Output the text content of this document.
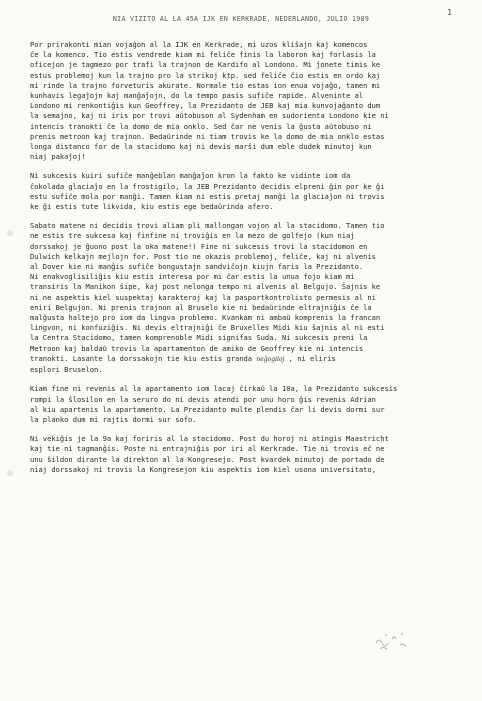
1
NIA VIZITO AL LA 45A IJK EN KERKRADE, NEDERLANDO, JULIO 1989
Por prirakonti mian vojaĝon al la IJK en Kerkrade, mi uzos kliŝajn kaj komencos
ĉe la komenco. Tio estis vendrede kiam mi feliĉe finis la laboron kaj forlasis la
oficejon je tagmezo por trafi la trajnon de Kardifo al Londono. Mi ĵonete timis ke
estus problemoj kun la trajno pro la strikoj ktp. sed feliĉe ĉio estis en ordo kaj
mi rinde la trajno forveturis akurate. Normale tio estas ion enua vojaĝo, tamen mi
kunhavis legaĵojn kaj manĝaĵojn, do la tempo pasis sufiĉe rapide. Alveninte al
Londono mi renkontiĝis kun Geoffrey, la Prezidanto de JEB kaj mia kunvojaĝanto dum
la semajno, kaj ni iris por trovi aŭtobuson al Sydenham en sudorienta Londono kie ni
intencis tranokti ĉe la domo de mia onklo. Sed ĉar ne venis la ĝusta aŭtobuso ni
prenis metroon kaj trajnon. Bedaŭrinde ni tiam trovis ke la domo de mia onklo estas
longa distanco for de la stacidomo kaj ni devis marŝi dum eble dudek minutoj kun
niaj pakaĵoj!
Ni sukcesis kuiri sufiĉe manĝeblan manĝaĵon kron la fakto ke vidinte iom da
ĉokolada glaciaĵo en la frostigilo, la JEB Prezidanto decidis elpreni ĝin por ke ĝi
estu sufiĉe mola por manĝi. Tamen kiam ni estis pretaj manĝi la glaciaĵon ni trovis
ke ĝi estis tute likvida, kiu estis ege bedaŭrinda afero.
Sabato matene ni decidis trovi aliam pli mallongan vojon al la stacidomo. Tamen tio
ne estis tre sukcesa kaj finfine ni troviĝis en la mezo de golfejo (kun niaj
dorssakoj je ĝuono post la oka matene!) Fine ni sukcesis trovi la stacidomon en
Dulwich kelkajn mejlojn for. Post tio ne okazis problemoj, feliĉe, kaj ni alvenis
al Dover kie ni manĝis sufiĉe bongustajn sandviĉojn kiujn faris la Prezidanto.
Ni enakvoglisiliĝis kiu estis interesa por mi ĉar estis la unua fojo kiam mi
transiris la Manikon ŝipe, kaj post nelonga tempo ni alvenis al Belgujo. Ŝajnis ke
ni ne aspektis kiel suspektaj karakteroj kaj la pasportkontrolisto permesis al ni
eniri Belgujon. Ni prenis trajnon al Bruselo kie ni bedaŭrinde eltrajniĝis ĉe la
malĝusta haltejo pro iom da lingva problemo. Kvankam ni ambaŭ komprenis la francan
lingvon, ni konfuziĝis. Ni devis eltrajniĝi ĉe Bruxelles Midi kiu ŝajnis al ni esti
la Centra Stacidomo, tamen komprenoble Midi signifas Suda. Ni sukcesis preni la
Metroon kaj baldaŭ trovis la apartamenton de amiko de Geoffrey kie ni intencis
tranokti. Lasante la dorssakojn tie kiu estis granda neĝogiloj , ni eliris
esplori Bruselon.
Kiam fine ni revenis al la apartamento iom lacaj ĉirkaŭ la 10a, la Prezidanto sukcesis
rompi la ŝlosilon en la seruro do ni devis atendi por unu horo ĝis revenis Adrian
al kiu apartenis la apartamento. La Prezidanto multe plendis ĉar li devis dormi sur
la planko dum mi rajtis dormi sur sofo.
Ni vekiĝis je la 9a kaj foriris al la stacidomo. Post du horoj ni atingis Maastricht
kaj tie ni tagmanĝis. Poste ni entrajniĝis por iri al Kerkrade. Tie ni trovis eĉ ne
unu ŝildon dirante la direkton al la Kongresejo. Post kvardek minutoj de portado de
niaj dorssakoj ni trovis la Kongresejon kiu aspektis iom kiel usona universitato,
